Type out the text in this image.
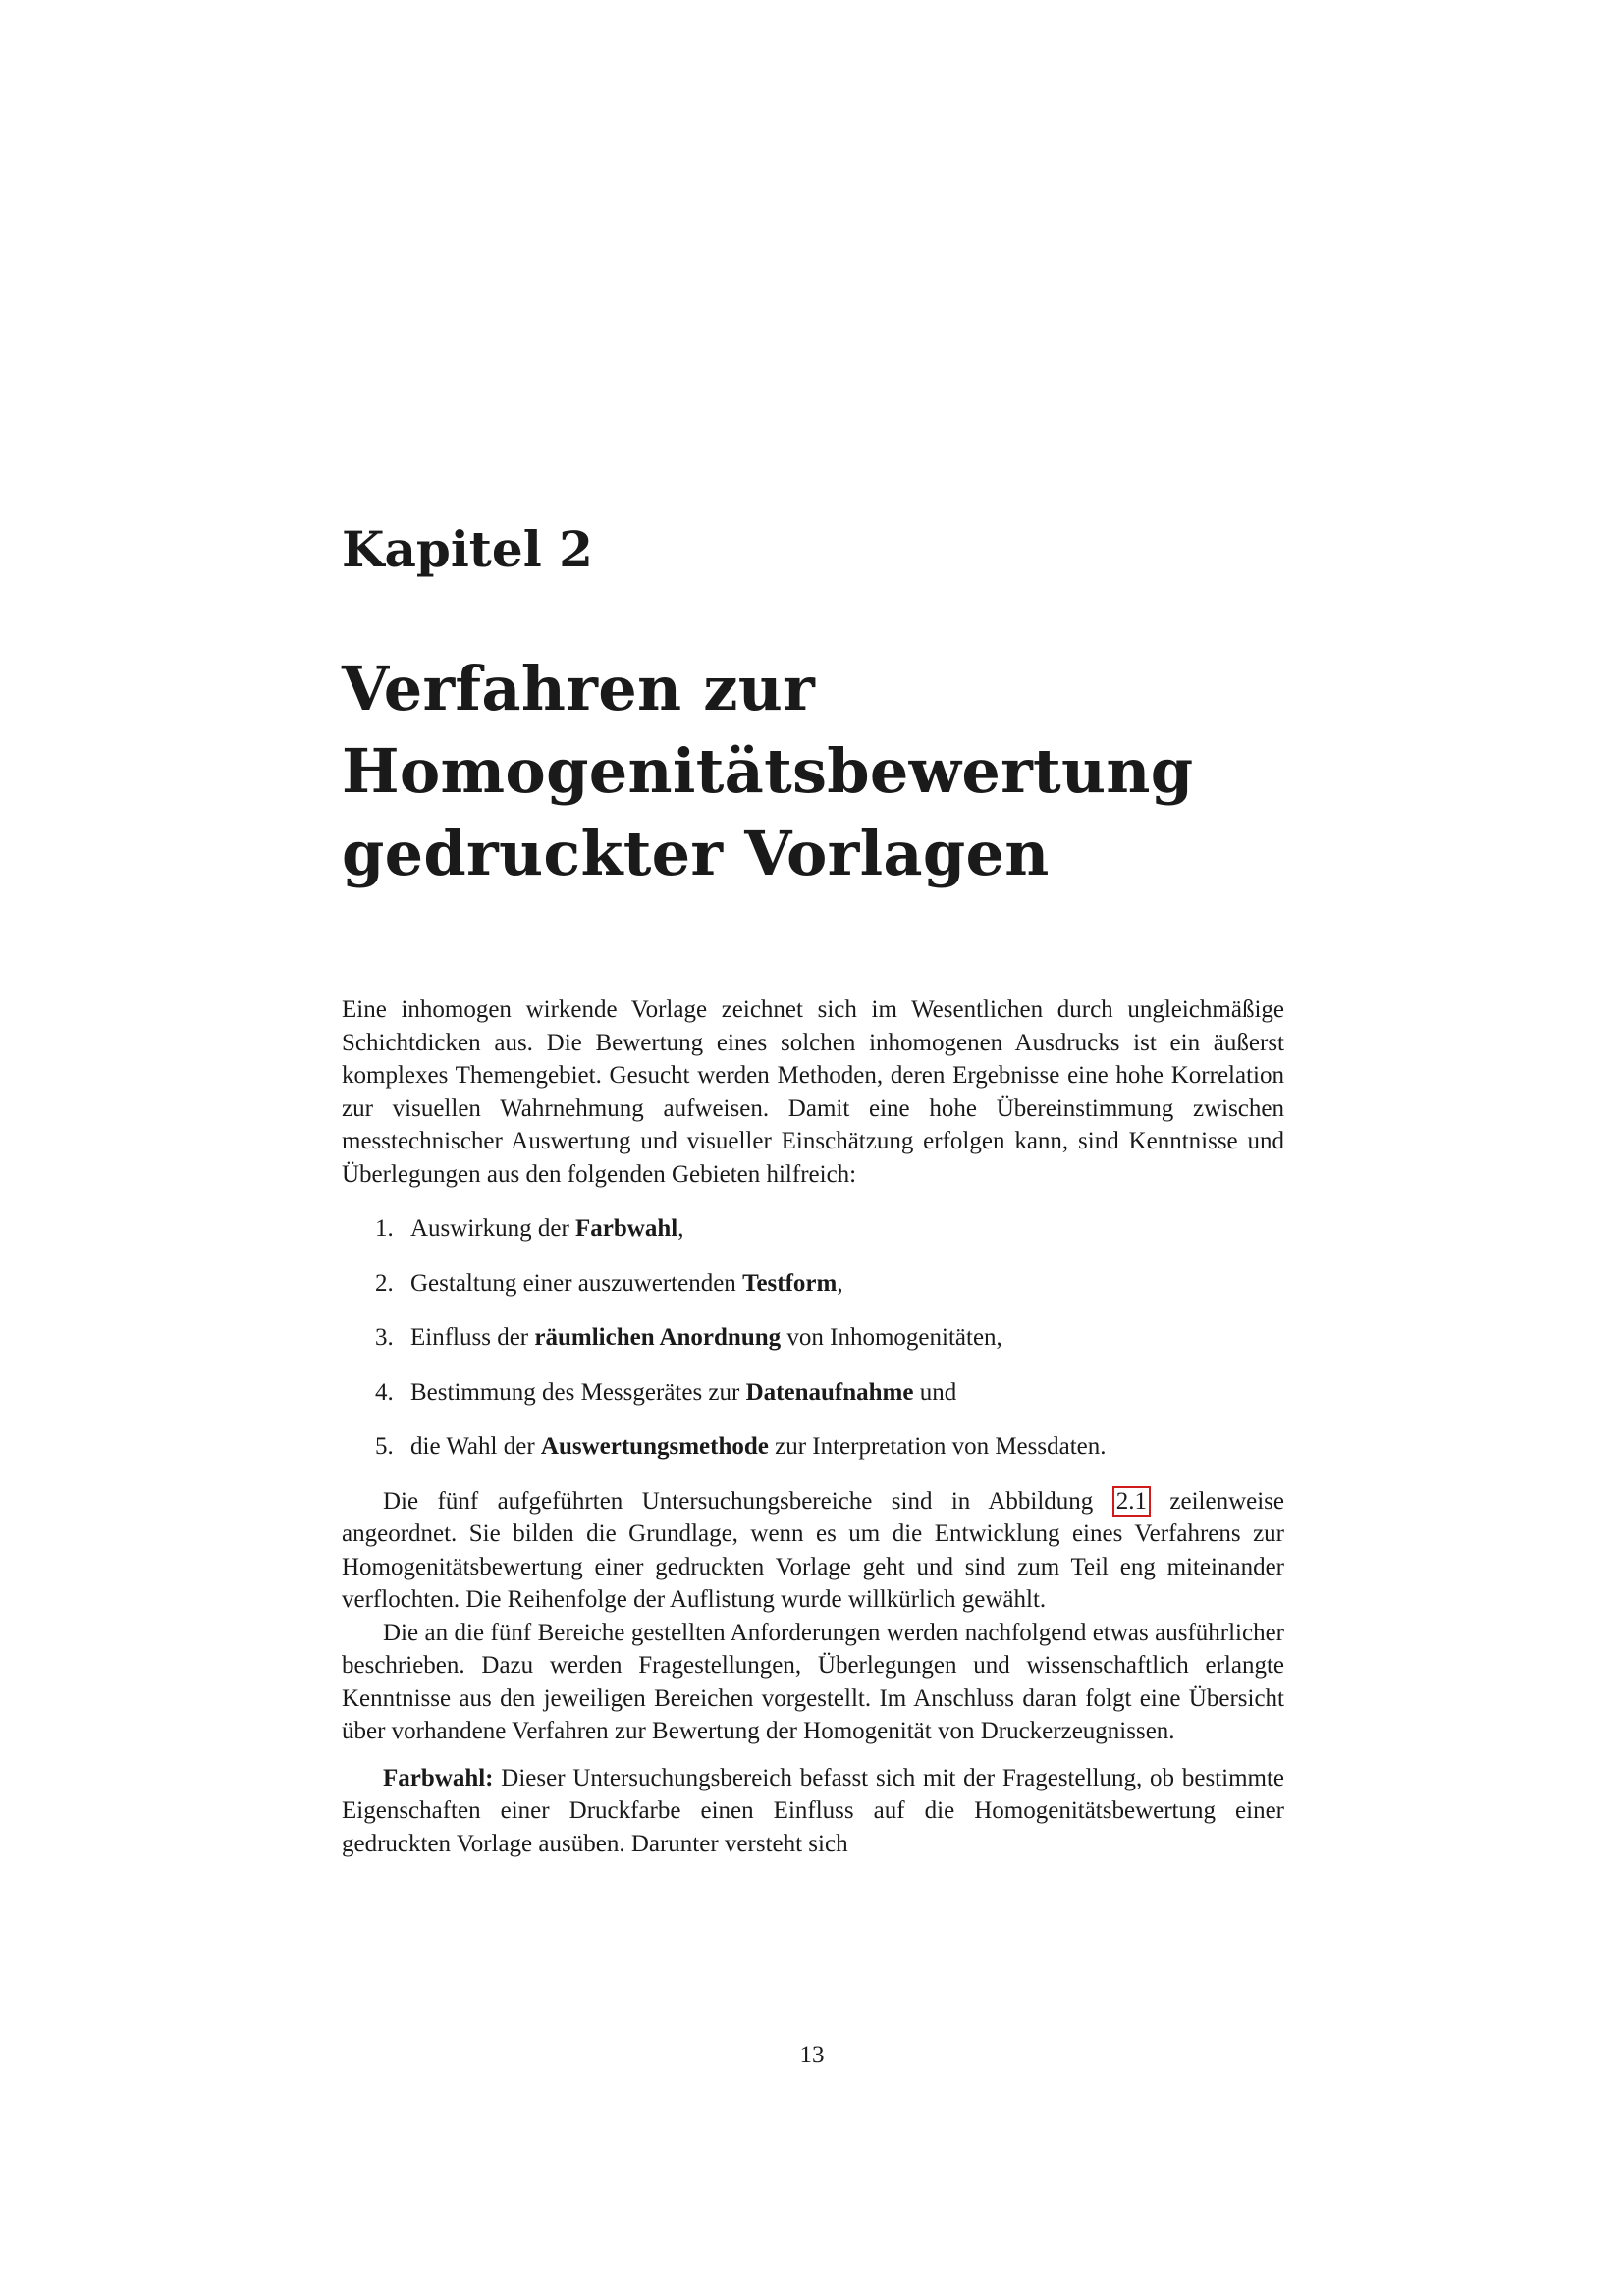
Kapitel 2
Verfahren zur
Homogenitätsbewertung
gedruckter Vorlagen

Eine inhomogen wirkende Vorlage zeichnet sich im Wesentlichen durch ungleichmäßige Schichtdicken aus. Die Bewertung eines solchen inhomogenen Ausdrucks ist ein äußerst komplexes Themengebiet. Gesucht werden Methoden, deren Ergebnisse eine hohe Korrelation zur visuellen Wahrnehmung aufweisen. Damit eine hohe Übereinstimmung zwischen messtechnischer Auswertung und visueller Einschätzung erfolgen kann, sind Kenntnisse und Überlegungen aus den folgenden Gebieten hilfreich:

1. Auswirkung der Farbwahl,
2. Gestaltung einer auszuwertenden Testform,
3. Einfluss der räumlichen Anordnung von Inhomogenitäten,
4. Bestimmung des Messgerätes zur Datenaufnahme und
5. die Wahl der Auswertungsmethode zur Interpretation von Messdaten.

Die fünf aufgeführten Untersuchungsbereiche sind in Abbildung 2.1 zeilenweise angeordnet. Sie bilden die Grundlage, wenn es um die Entwicklung eines Verfahrens zur Homogenitätsbewertung einer gedruckten Vorlage geht und sind zum Teil eng miteinander verflochten. Die Reihenfolge der Auflistung wurde willkürlich gewählt.

Die an die fünf Bereiche gestellten Anforderungen werden nachfolgend etwas ausführlicher beschrieben. Dazu werden Fragestellungen, Überlegungen und wissenschaftlich erlangte Kenntnisse aus den jeweiligen Bereichen vorgestellt. Im Anschluss daran folgt eine Übersicht über vorhandene Verfahren zur Bewertung der Homogenität von Druckerzeugnissen.

Farbwahl: Dieser Untersuchungsbereich befasst sich mit der Fragestellung, ob bestimmte Eigenschaften einer Druckfarbe einen Einfluss auf die Homogenitätsbewertung einer gedruckten Vorlage ausüben. Darunter versteht sich

13
